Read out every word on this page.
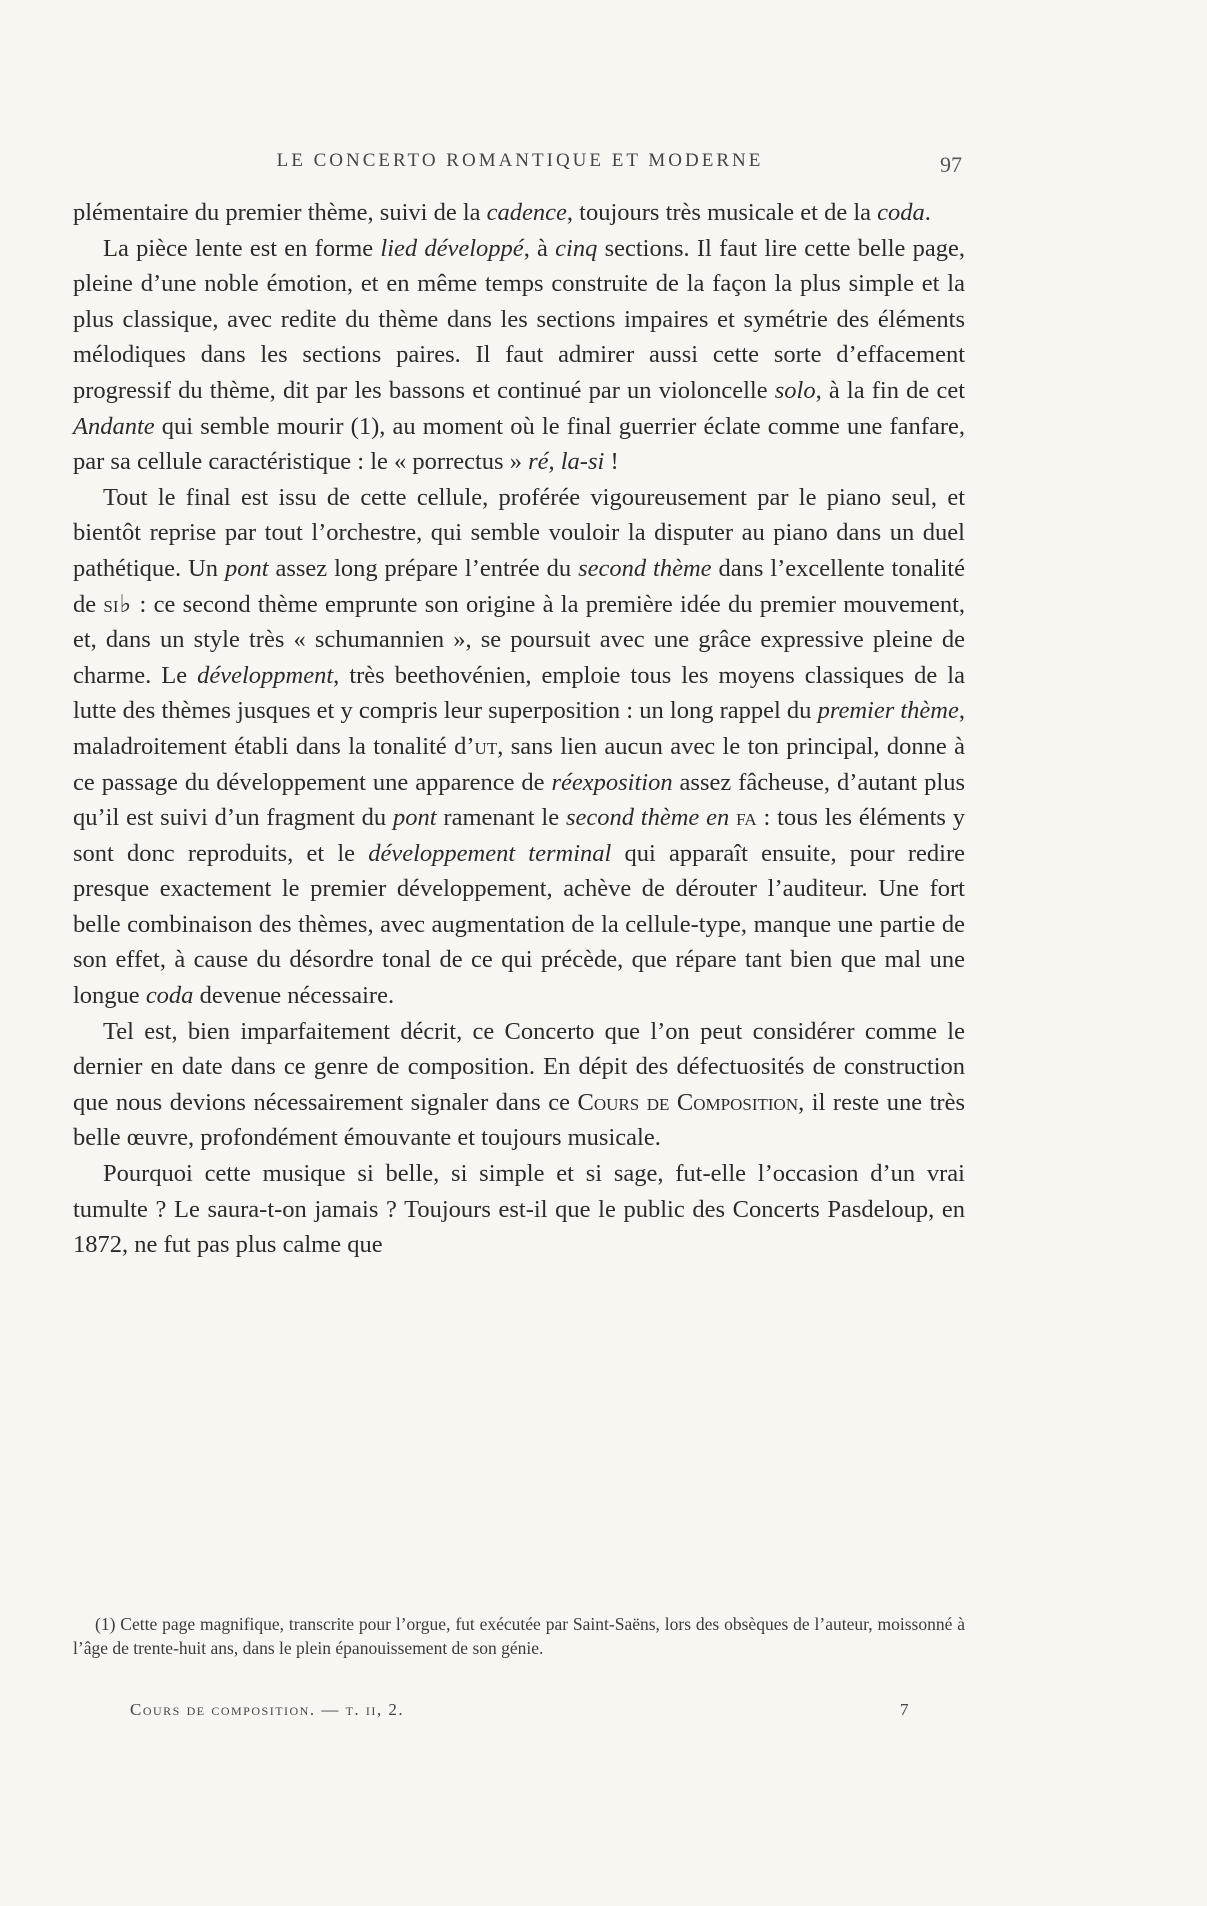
LE CONCERTO ROMANTIQUE ET MODERNE	97

plémentaire du premier thème, suivi de la cadence, toujours très musicale et de la coda.

La pièce lente est en forme lied développé, à cinq sections. Il faut lire cette belle page, pleine d’une noble émotion, et en même temps construite de la façon la plus simple et la plus classique, avec redite du thème dans les sections impaires et symétrie des éléments mélodiques dans les sections paires. Il faut admirer aussi cette sorte d’effacement progressif du thème, dit par les bassons et continué par un violoncelle solo, à la fin de cet Andante qui semble mourir (1), au moment où le final guerrier éclate comme une fanfare, par sa cellule caractéristique : le « porrectus » ré, la-si !

Tout le final est issu de cette cellule, proférée vigoureusement par le piano seul, et bientôt reprise par tout l’orchestre, qui semble vouloir la disputer au piano dans un duel pathétique. Un pont assez long prépare l’entrée du second thème dans l’excellente tonalité de si♭ : ce second thème emprunte son origine à la première idée du premier mouvement, et, dans un style très « schumannien », se poursuit avec une grâce expressive pleine de charme. Le développment, très beethovénien, emploie tous les moyens classiques de la lutte des thèmes jusques et y compris leur superposition : un long rappel du premier thème, maladroitement établi dans la tonalité d’ut, sans lien aucun avec le ton principal, donne à ce passage du développement une apparence de réexposition assez fâcheuse, d’autant plus qu’il est suivi d’un fragment du pont ramenant le second thème en fa : tous les éléments y sont donc reproduits, et le développement terminal qui apparaît ensuite, pour redire presque exactement le premier développement, achève de dérouter l’auditeur. Une fort belle combinaison des thèmes, avec augmentation de la cellule-type, manque une partie de son effet, à cause du désordre tonal de ce qui précède, que répare tant bien que mal une longue coda devenue nécessaire.

Tel est, bien imparfaitement décrit, ce Concerto que l’on peut considérer comme le dernier en date dans ce genre de composition. En dépit des défectuosités de construction que nous devions nécessairement signaler dans ce Cours de Composition, il reste une très belle œuvre, profondément émouvante et toujours musicale.

Pourquoi cette musique si belle, si simple et si sage, fut-elle l’occasion d’un vrai tumulte ? Le saura-t-on jamais ? Toujours est-il que le public des Concerts Pasdeloup, en 1872, ne fut pas plus calme que

(1) Cette page magnifique, transcrite pour l’orgue, fut exécutée par Saint-Saëns, lors des obsèques de l’auteur, moissonné à l’âge de trente-huit ans, dans le plein épanouissement de son génie.

Cours de composition. — t. ii, 2.	7
